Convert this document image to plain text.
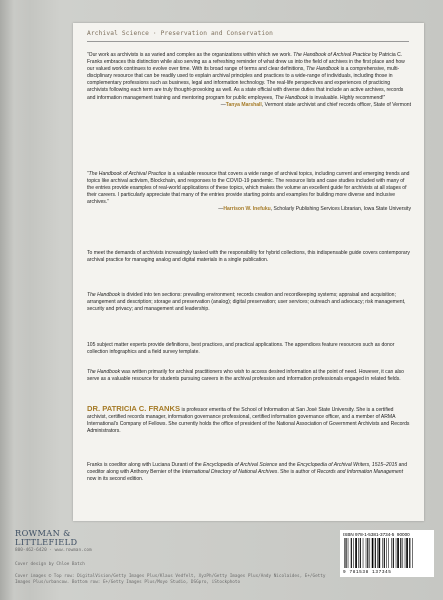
Archival Science · Preservation and Conservation

“Our work as archivists is as varied and complex as the organizations within which we work. The Handbook of Archival Practice by Patricia C. Franks embraces this distinction while also serving as a refreshing reminder of what drew us into the field of archives in the first place and how our valued work continues to evolve over time. With its broad range of terms and clear definitions, The Handbook is a comprehensive, multi-disciplinary resource that can be readily used to explain archival principles and practices to a wide-range of individuals, including those in complementary professions such as business, legal and information technology. The real-life perspectives and experiences of practicing archivists following each term are truly thought-provoking as well. As a state official with diverse duties that include an active archives, records and information management training and mentoring program for public employees, The Handbook is invaluable. Highly recommend!”

—Tanya Marshall, Vermont state archivist and chief records officer, State of Vermont

“The Handbook of Archival Practice is a valuable resource that covers a wide range of archival topics, including current and emerging trends and topics like archival activism, Blockchain, and responses to the COVID-19 pandemic. The resource lists and case studies included with many of the entries provide examples of real-world applications of these topics, which makes the volume an excellent guide for archivists at all stages of their careers. I particularly appreciate that many of the entries provide starting points and examples for building more diverse and inclusive archives.”

—Harrison W. Inefuku, Scholarly Publishing Services Librarian, Iowa State University

To meet the demands of archivists increasingly tasked with the responsibility for hybrid collections, this indispensable guide covers contemporary archival practice for managing analog and digital materials in a single publication.
The Handbook is divided into ten sections: prevailing environment; records creation and recordkeeping systems; appraisal and acquisition; arrangement and description; storage and preservation (analog); digital preservation; user services; outreach and advocacy; risk management, security and privacy; and management and leadership.
105 subject matter experts provide definitions, best practices, and practical applications. The appendices feature resources such as donor collection infographics and a field survey template.
The Handbook was written primarily for archival practitioners who wish to access desired information at the point of need. However, it can also serve as a valuable resource for students pursuing careers in the archival profession and information professionals engaged in related fields.
DR. PATRICIA C. FRANKS is professor emerita of the School of Information at San José State University. She is a certified archivist, certified records manager, information governance professional, certified information governance officer, and a member of ARMA International’s Company of Fellows. She currently holds the office of president of the National Association of Government Archivists and Records Administrators.
Franks is coeditor along with Luciana Duranti of the Encyclopedia of Archival Science and the Encyclopedia of Archival Writers, 1515–2015 and coeditor along with Anthony Bernier of the International Directory of National Archives. She is author of Records and Information Management now in its second edition.
ROWMAN &
LITTLEFIELD
800-462-6420 · www.rowman.com
Cover design by Chloe Batch
Cover images © Top row: DigitalVision/Getty Images Plus/Klaus Vedfelt, XyzPh/Getty Images Plus/Andy Nicolaides, E+/Getty Images Plus/urbancow. Bottom row: E+/Getty Images Plus/Moyo Studio, DSGpro, iStockphoto
ISBN 978-1-5381-3734-5 90000
9 781538 137345
